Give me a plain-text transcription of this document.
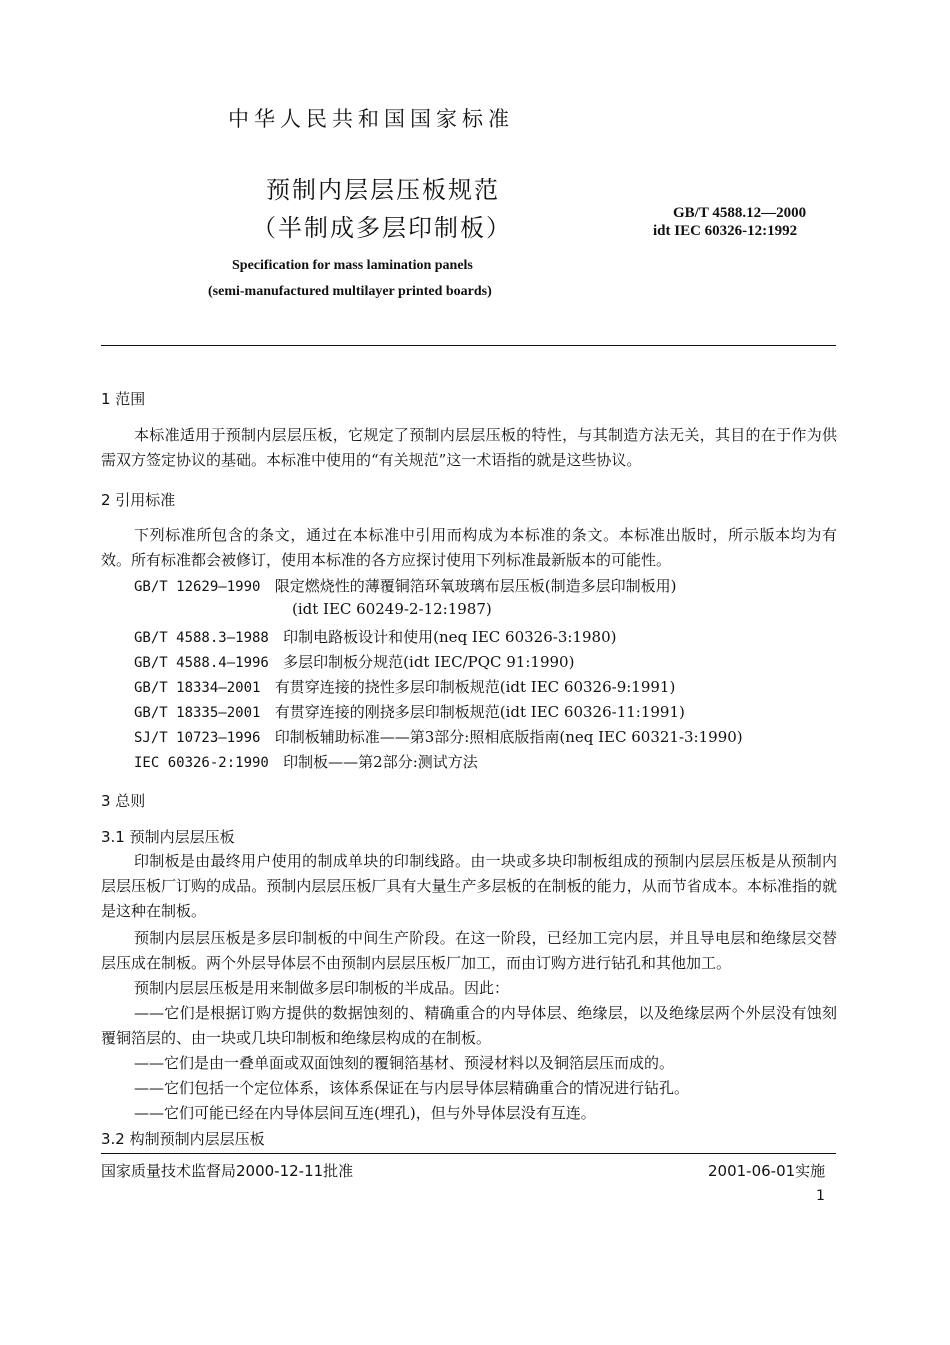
中华人民共和国国家标准
预制内层层压板规范
（半制成多层印制板）
GB/T 4588.12—2000
idt IEC 60326-12:1992
Specification for mass lamination panels
(semi-manufactured multilayer printed boards)
1 范围
本标准适用于预制内层层压板，它规定了预制内层层压板的特性，与其制造方法无关，其目的在于作为供需双方签定协议的基础。本标准中使用的“有关规范”这一术语指的就是这些协议。
2 引用标准
下列标准所包含的条文，通过在本标准中引用而构成为本标准的条文。本标准出版时，所示版本均为有效。所有标准都会被修订，使用本标准的各方应探讨使用下列标准最新版本的可能性。
GB/T 12629—1990 限定燃烧性的薄覆铜箔环氧玻璃布层压板(制造多层印制板用)
(idt IEC 60249-2-12:1987)
GB/T 4588.3—1988 印制电路板设计和使用(neq IEC 60326-3:1980)
GB/T 4588.4—1996 多层印制板分规范(idt IEC/PQC 91:1990)
GB/T 18334—2001 有贯穿连接的挠性多层印制板规范(idt IEC 60326-9:1991)
GB/T 18335—2001 有贯穿连接的刚挠多层印制板规范(idt IEC 60326-11:1991)
SJ/T 10723—1996 印制板辅助标准——第3部分:照相底版指南(neq IEC 60321-3:1990)
IEC 60326-2:1990 印制板——第2部分:测试方法
3 总则
3.1 预制内层层压板
印制板是由最终用户使用的制成单块的印制线路。由一块或多块印制板组成的预制内层层压板是从预制内层层压板厂订购的成品。预制内层层压板厂具有大量生产多层板的在制板的能力，从而节省成本。本标准指的就是这种在制板。
预制内层层压板是多层印制板的中间生产阶段。在这一阶段，已经加工完内层，并且导电层和绝缘层交替层压成在制板。两个外层导体层不由预制内层层压板厂加工，而由订购方进行钻孔和其他加工。
预制内层层压板是用来制做多层印制板的半成品。因此：
——它们是根据订购方提供的数据蚀刻的、精确重合的内导体层、绝缘层，以及绝缘层两个外层没有蚀刻覆铜箔层的、由一块或几块印制板和绝缘层构成的在制板。
——它们是由一叠单面或双面蚀刻的覆铜箔基材、预浸材料以及铜箔层压而成的。
——它们包括一个定位体系，该体系保证在与内层导体层精确重合的情况进行钻孔。
——它们可能已经在内导体层间互连(埋孔)，但与外导体层没有互连。
3.2 构制预制内层层压板
国家质量技术监督局2000-12-11批准	2001-06-01实施
1
